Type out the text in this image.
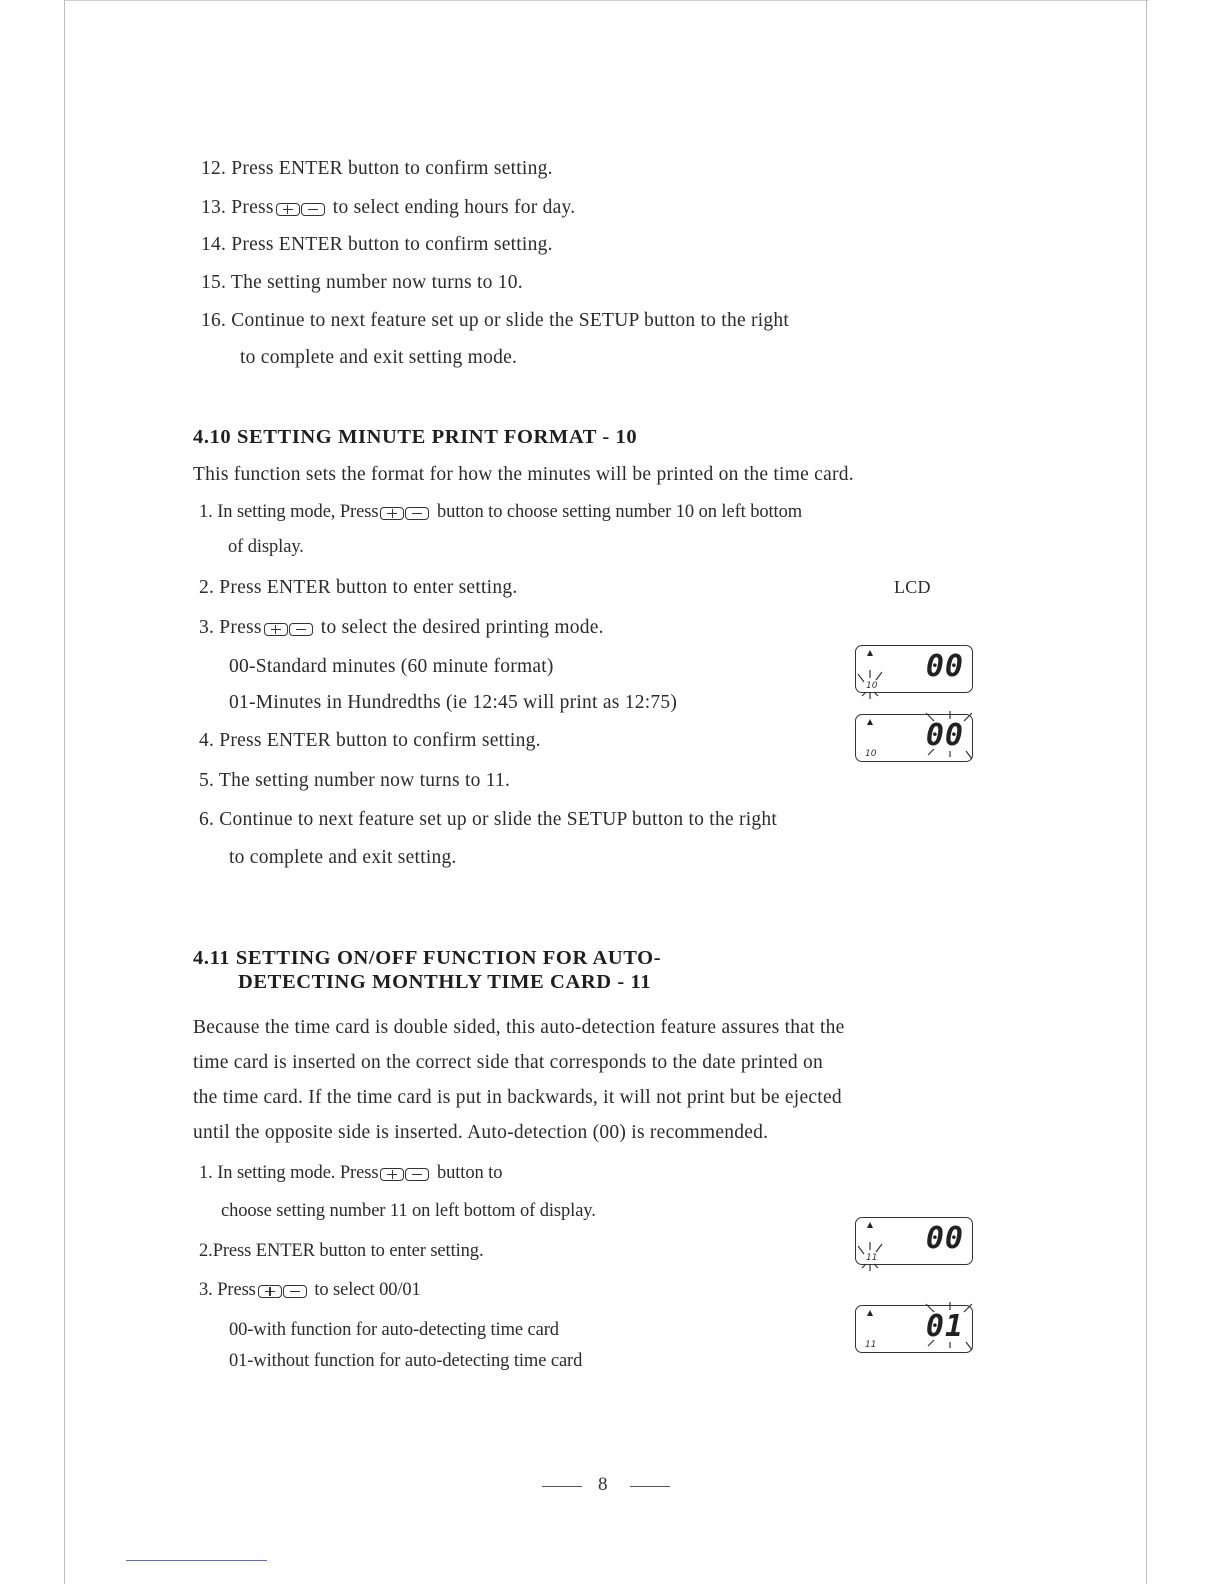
12. Press ENTER button to confirm setting.
13. Press	to select ending hours for day.
14. Press ENTER button to confirm setting.
15. The setting number now turns to 10.
16. Continue to next feature set up or slide the SETUP button to the right
to complete and exit setting mode.
4.10 SETTING MINUTE PRINT FORMAT - 10
This function sets the format for how the minutes will be printed on the time card.
1. In setting mode, Press	button to choose setting number 10 on left bottom
of display.
2. Press ENTER button to enter setting.	LCD
3. Press	to select the desired printing mode.
00-Standard minutes (60 minute format)
01-Minutes in Hundredths (ie 12:45 will print as 12:75)
4. Press ENTER button to confirm setting.
5. The setting number now turns to 11.
6. Continue to next feature set up or slide the SETUP button to the right
to complete and exit setting.
00
10
00
10
4.11 SETTING ON/OFF FUNCTION FOR AUTO-
DETECTING MONTHLY TIME CARD - 11
Because the time card is double sided, this auto-detection feature assures that the
time card is inserted on the correct side that corresponds to the date printed on
the time card. If the time card is put in backwards, it will not print but be ejected
until the opposite side is inserted. Auto-detection (00) is recommended.
1. In setting mode. Press	button to
choose setting number 11 on left bottom of display.
2.Press ENTER button to enter setting.
3. Press	to select 00/01
00-with function for auto-detecting time card
01-without function for auto-detecting time card
00
11
01
11
8
